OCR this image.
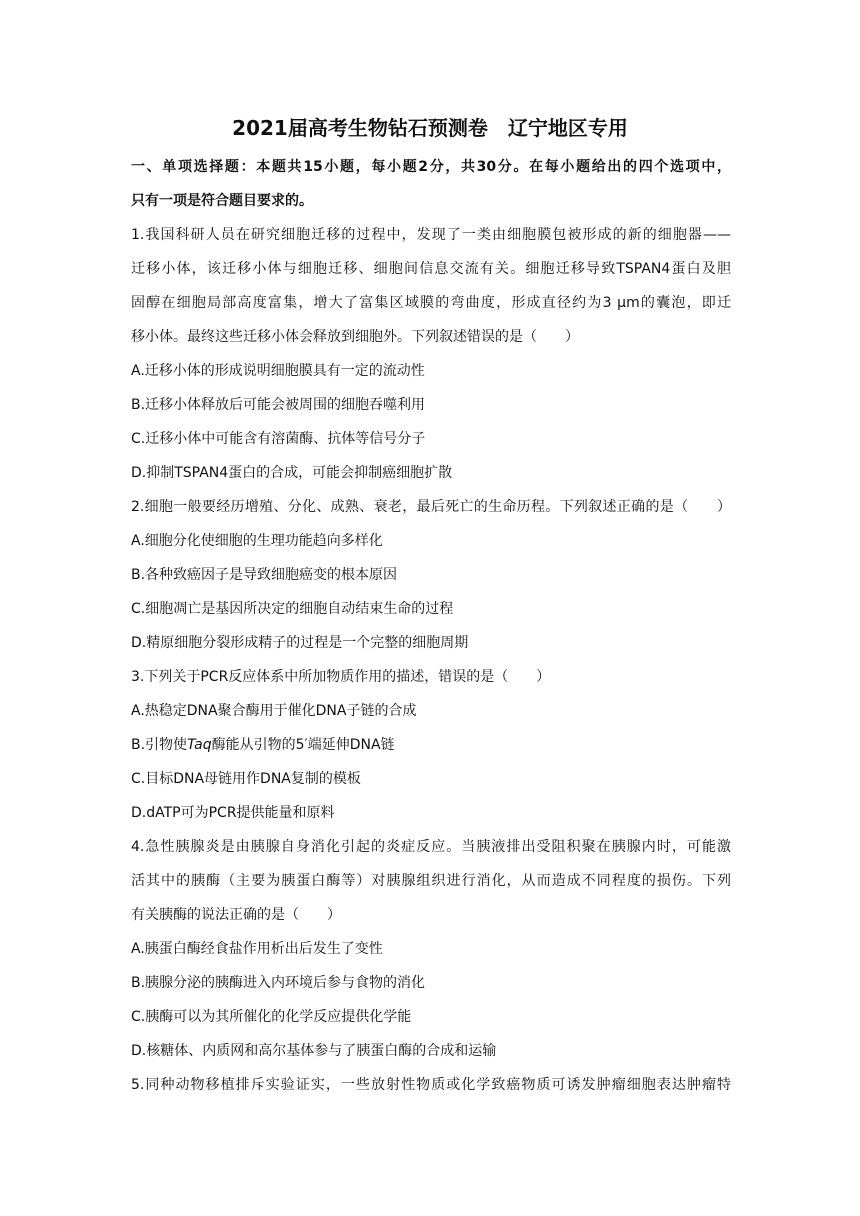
2021届高考生物钻石预测卷　辽宁地区专用
一、单项选择题：本题共15小题，每小题2分，共30分。在每小题给出的四个选项中，
只有一项是符合题目要求的。
1.我国科研人员在研究细胞迁移的过程中，发现了一类由细胞膜包被形成的新的细胞器——
迁移小体，该迁移小体与细胞迁移、细胞间信息交流有关。细胞迁移导致TSPAN4蛋白及胆
固醇在细胞局部高度富集，增大了富集区域膜的弯曲度，形成直径约为3 μm的囊泡，即迁
移小体。最终这些迁移小体会释放到细胞外。下列叙述错误的是（　　）
A.迁移小体的形成说明细胞膜具有一定的流动性
B.迁移小体释放后可能会被周围的细胞吞噬利用
C.迁移小体中可能含有溶菌酶、抗体等信号分子
D.抑制TSPAN4蛋白的合成，可能会抑制癌细胞扩散
2.细胞一般要经历增殖、分化、成熟、衰老，最后死亡的生命历程。下列叙述正确的是（　　）
A.细胞分化使细胞的生理功能趋向多样化
B.各种致癌因子是导致细胞癌变的根本原因
C.细胞凋亡是基因所决定的细胞自动结束生命的过程
D.精原细胞分裂形成精子的过程是一个完整的细胞周期
3.下列关于PCR反应体系中所加物质作用的描述，错误的是（　　）
A.热稳定DNA聚合酶用于催化DNA子链的合成
B.引物使Taq酶能从引物的5′端延伸DNA链
C.目标DNA母链用作DNA复制的模板
D.dATP可为PCR提供能量和原料
4.急性胰腺炎是由胰腺自身消化引起的炎症反应。当胰液排出受阻积聚在胰腺内时，可能激
活其中的胰酶（主要为胰蛋白酶等）对胰腺组织进行消化，从而造成不同程度的损伤。下列
有关胰酶的说法正确的是（　　）
A.胰蛋白酶经食盐作用析出后发生了变性
B.胰腺分泌的胰酶进入内环境后参与食物的消化
C.胰酶可以为其所催化的化学反应提供化学能
D.核糖体、内质网和高尔基体参与了胰蛋白酶的合成和运输
5.同种动物移植排斥实验证实，一些放射性物质或化学致癌物质可诱发肿瘤细胞表达肿瘤特
